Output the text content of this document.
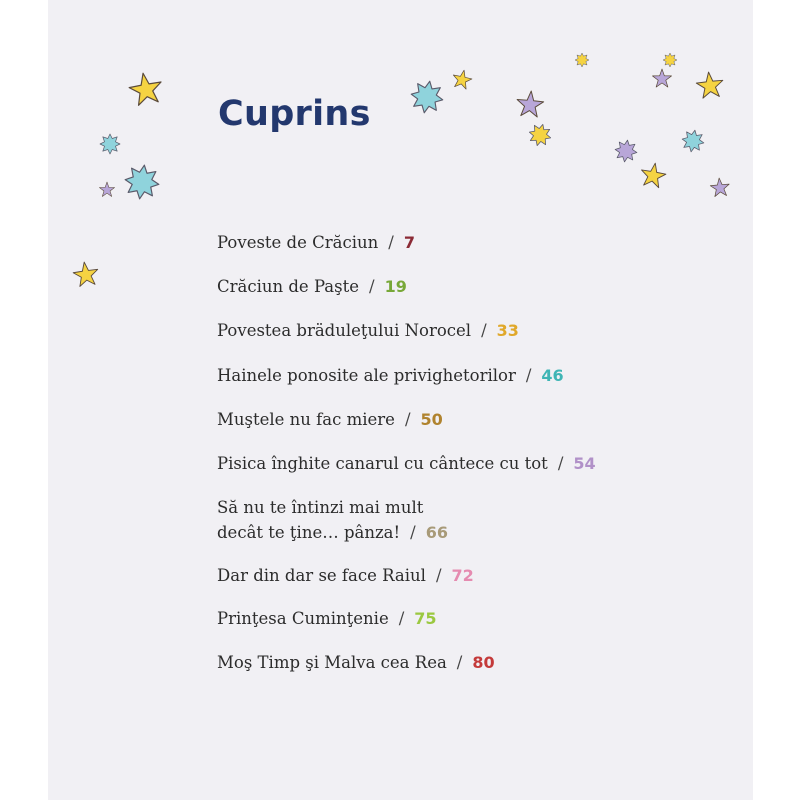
Cuprins
Poveste de Crăciun / 7
Crăciun de Paşte / 19
Povestea bräduleţului Norocel / 33
Hainele ponosite ale privighetorilor / 46
Muştele nu fac miere / 50
Pisica înghite canarul cu cântece cu tot / 54
Să nu te întinzi mai mult
decât te ţine… pânza! / 66
Dar din dar se face Raiul / 72
Prinţesa Cuminţenie / 75
Moş Timp şi Malva cea Rea / 80
